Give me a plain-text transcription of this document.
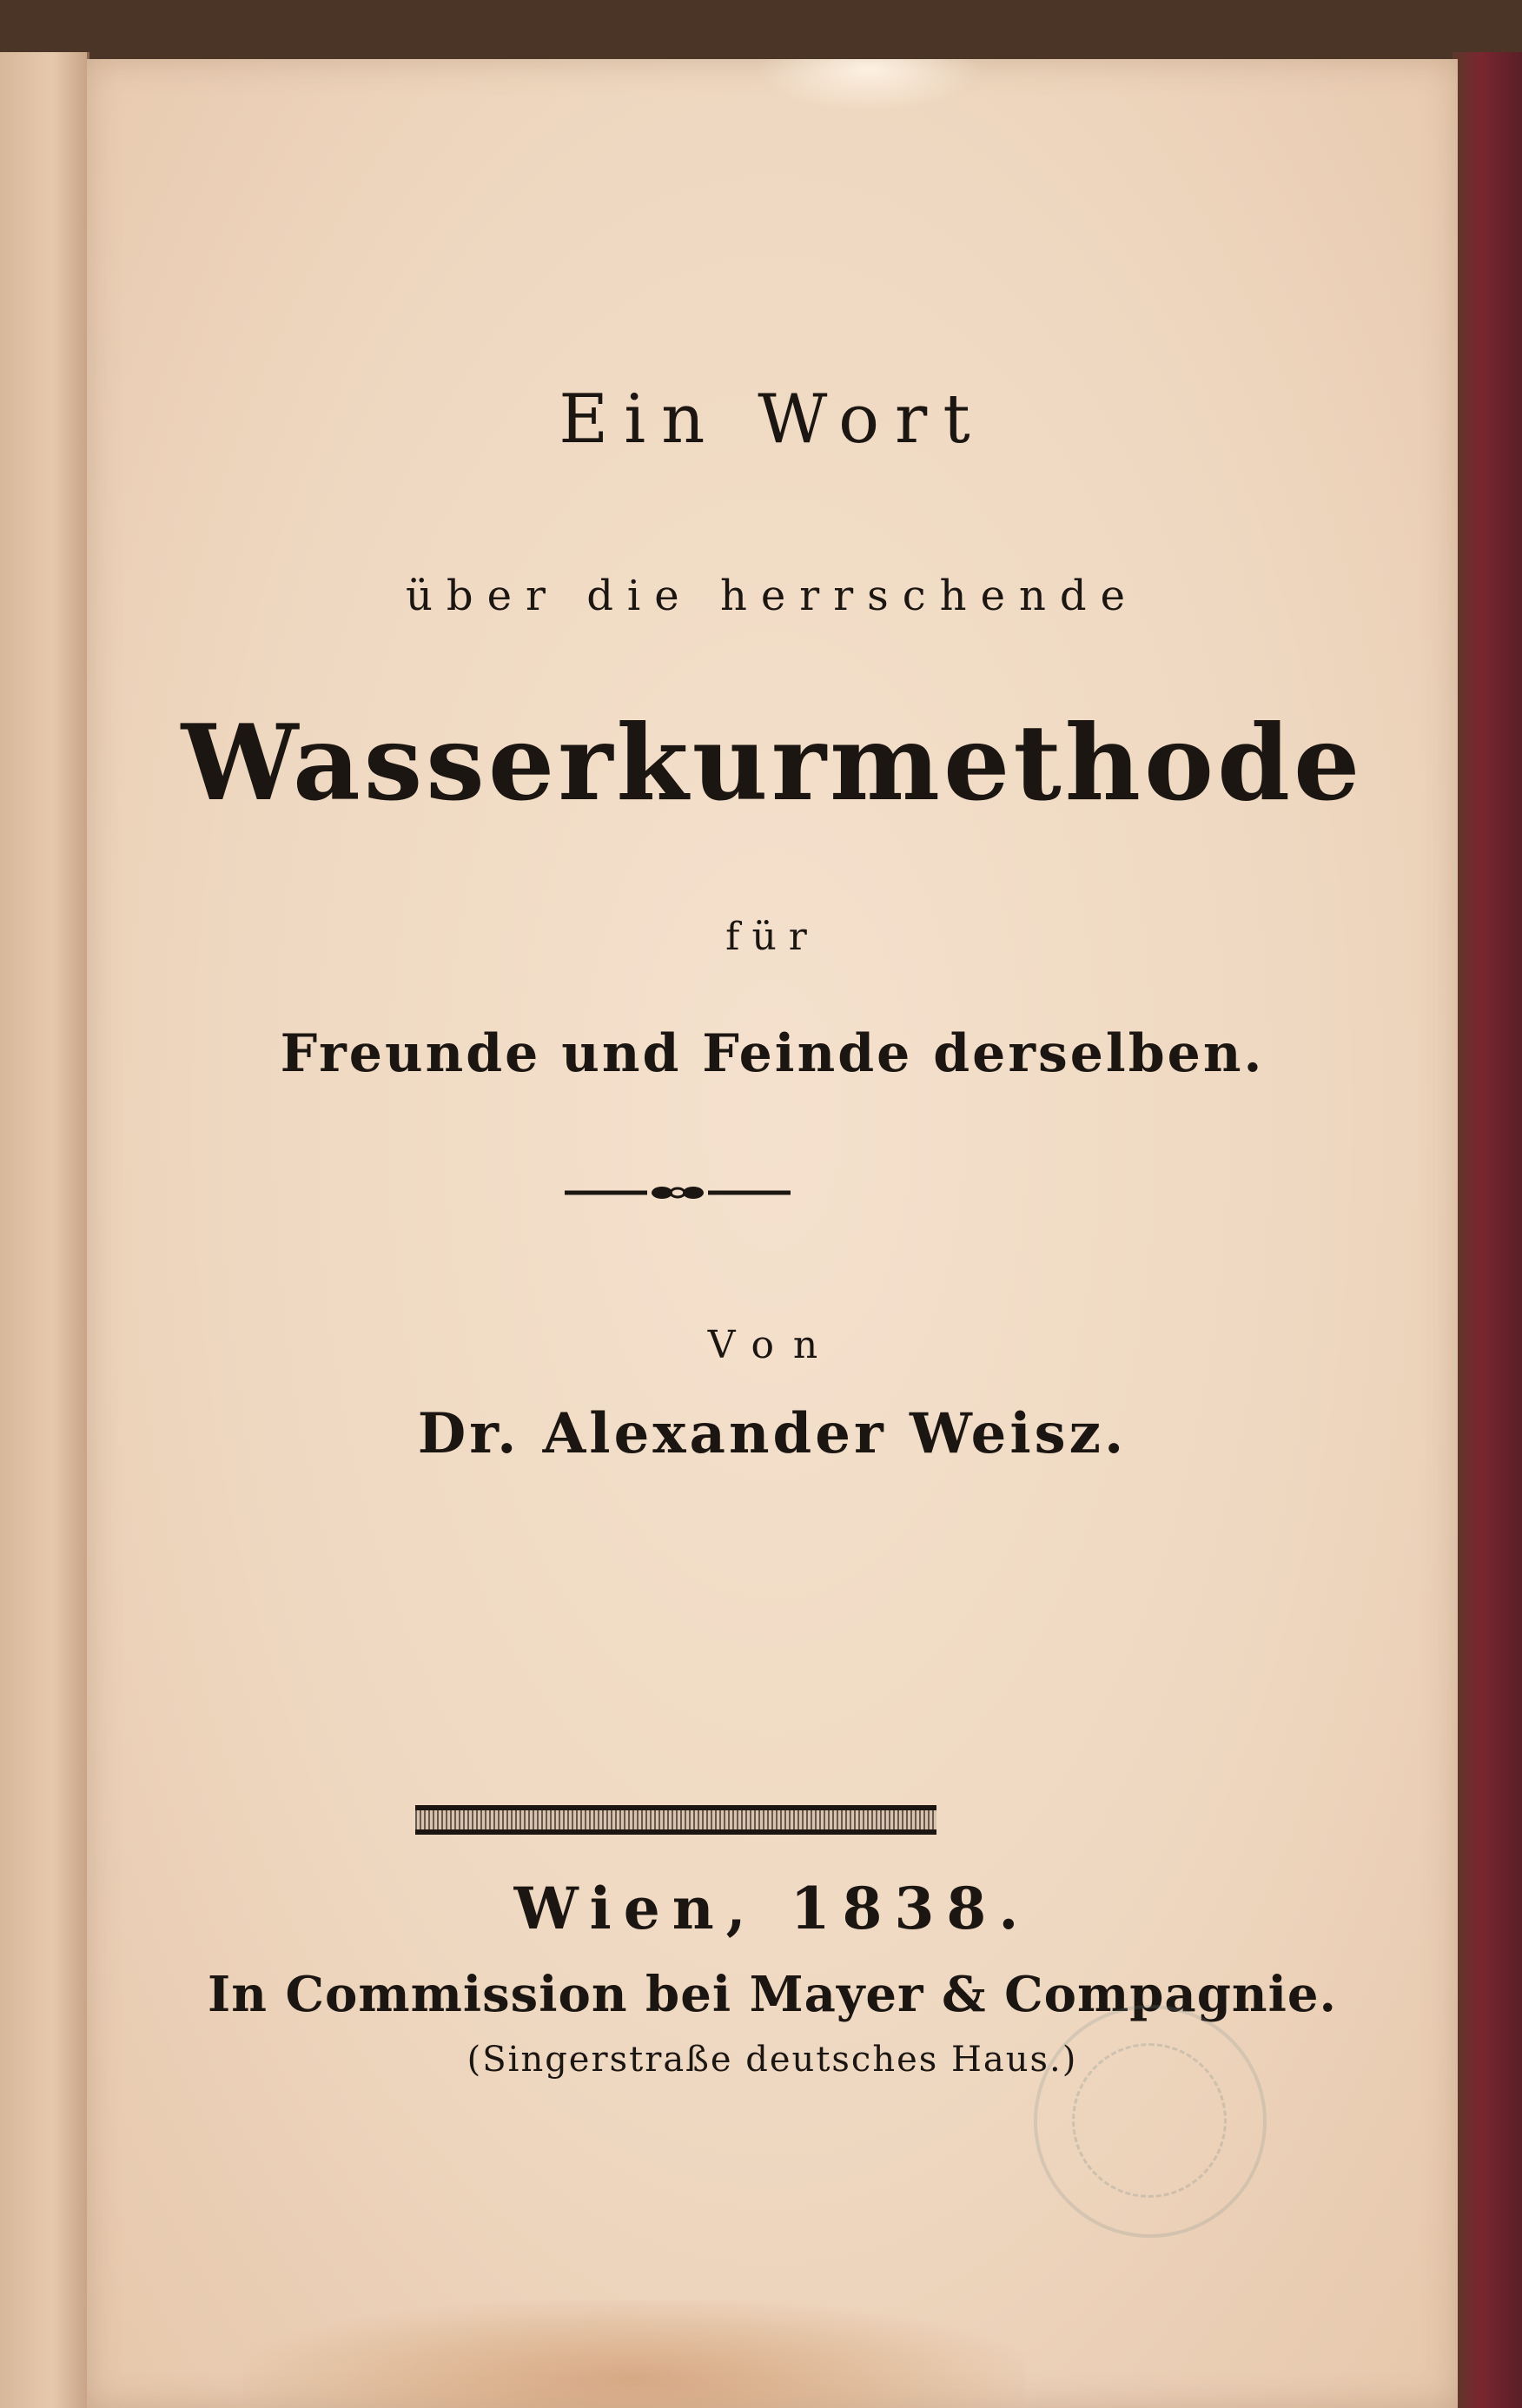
Ein Wort
über die herrschende
Wasserkurmethode
für
Freunde und Feinde derselben.
Von
Dr. Alexander Weisz.
Wien, 1838.
In Commission bei Mayer & Compagnie.
(Singerstraße deutsches Haus.)
